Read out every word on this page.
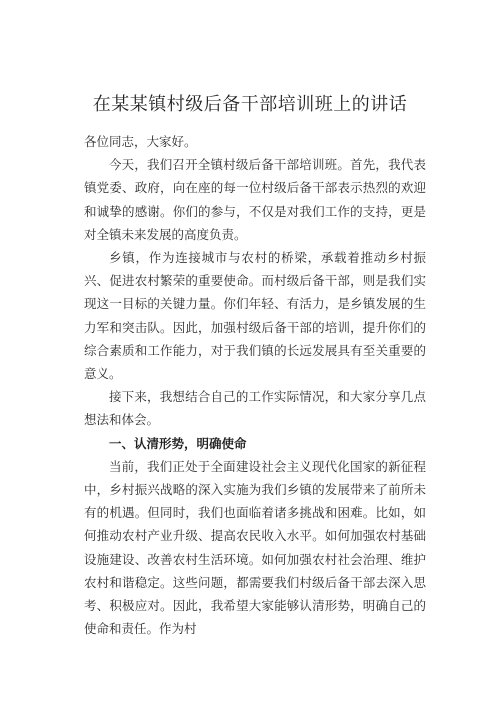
在某某镇村级后备干部培训班上的讲话

各位同志，大家好。

今天，我们召开全镇村级后备干部培训班。首先，我代表镇党委、政府，向在座的每一位村级后备干部表示热烈的欢迎和诚挚的感谢。你们的参与，不仅是对我们工作的支持，更是对全镇未来发展的高度负责。

乡镇，作为连接城市与农村的桥梁，承载着推动乡村振兴、促进农村繁荣的重要使命。而村级后备干部，则是我们实现这一目标的关键力量。你们年轻、有活力，是乡镇发展的生力军和突击队。因此，加强村级后备干部的培训，提升你们的综合素质和工作能力，对于我们镇的长远发展具有至关重要的意义。

接下来，我想结合自己的工作实际情况，和大家分享几点想法和体会。

一、认清形势，明确使命

当前，我们正处于全面建设社会主义现代化国家的新征程中，乡村振兴战略的深入实施为我们乡镇的发展带来了前所未有的机遇。但同时，我们也面临着诸多挑战和困难。比如，如何推动农村产业升级、提高农民收入水平。如何加强农村基础设施建设、改善农村生活环境。如何加强农村社会治理、维护农村和谐稳定。这些问题，都需要我们村级后备干部去深入思考、积极应对。因此，我希望大家能够认清形势，明确自己的使命和责任。作为村
